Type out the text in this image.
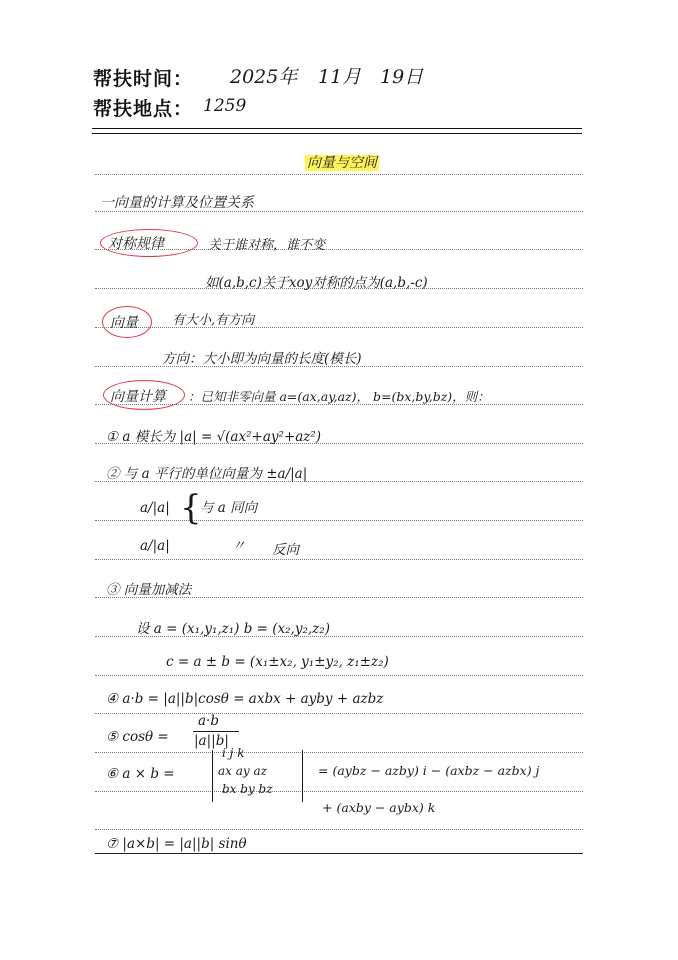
帮扶时间： 2025年 11月 19日
帮扶地点： 1259
向量与空间
一向量的计算及位置关系
对称规律	关于谁对称，谁不变
如(a,b,c)关于xoy对称的点为(a,b,-c)
向量	有大小,有方向
方向：大小即为向量的长度(模长)
向量计算 ：已知非零向量 a=(ax,ay,az)， b=(bx,by,bz)，则：
① a 模长为 |a| = √(ax²+ay²+az²)
② 与 a 平行的单位向量为 ±a/|a|
a/|a| {
与 a 同向
a/|a|	〃 反向
③ 向量加减法
设 a = (x₁,y₁,z₁) b = (x₂,y₂,z₂)
c = a ± b = (x₁±x₂, y₁±y₂, z₁±z₂)
④ a·b = |a||b|cosθ = axbx + ayby + azbz
⑤ cosθ =
a·b
|a||b|
⑥ a × b =
i j k
ax ay az
bx by bz
= (aybz − azby) i − (axbz − azbx) j
+ (axby − aybx) k
⑦ |a×b| = |a||b| sinθ
